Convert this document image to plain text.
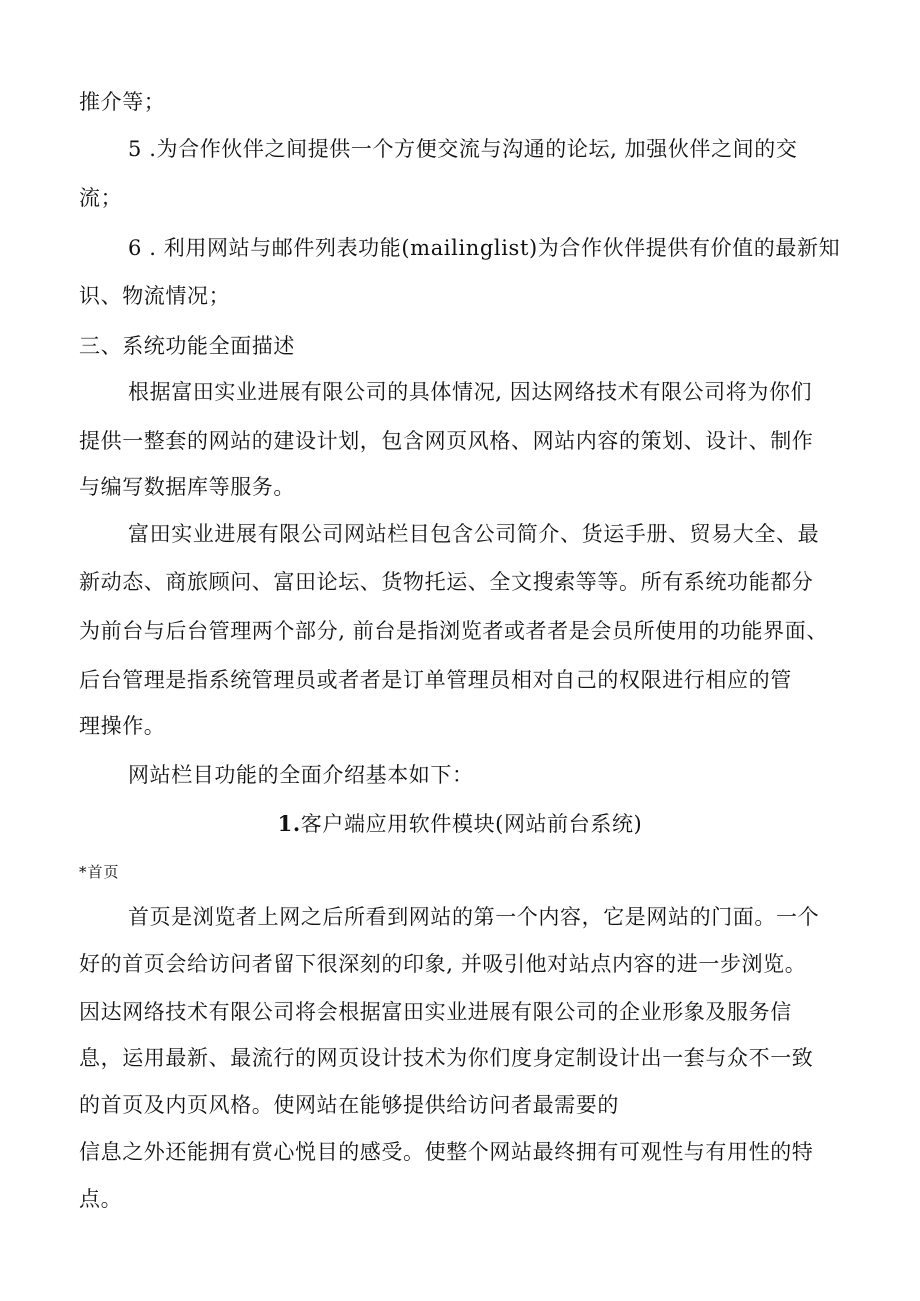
推介等；
5 .为合作伙伴之间提供一个方便交流与沟通的论坛, 加强伙伴之间的交
流；
6 . 利用网站与邮件列表功能(mailinglist)为合作伙伴提供有价值的最新知
识、物流情况；
三、系统功能全面描述
根据富田实业进展有限公司的具体情况, 因达网络技术有限公司将为你们
提供一整套的网站的建设计划，包含网页风格、网站内容的策划、设计、制作
与编写数据库等服务。
富田实业进展有限公司网站栏目包含公司简介、货运手册、贸易大全、最
新动态、商旅顾问、富田论坛、货物托运、全文搜索等等。所有系统功能都分
为前台与后台管理两个部分, 前台是指浏览者或者者是会员所使用的功能界面、
后台管理是指系统管理员或者者是订单管理员相对自己的权限进行相应的管
理操作。
网站栏目功能的全面介绍基本如下：
1.客户端应用软件模块(网站前台系统)
*首页
首页是浏览者上网之后所看到网站的第一个内容，它是网站的门面。一个
好的首页会给访问者留下很深刻的印象, 并吸引他对站点内容的进一步浏览。
因达网络技术有限公司将会根据富田实业进展有限公司的企业形象及服务信
息，运用最新、最流行的网页设计技术为你们度身定制设计出一套与众不一致
的首页及内页风格。使网站在能够提供给访问者最需要的
信息之外还能拥有赏心悦目的感受。使整个网站最终拥有可观性与有用性的特
点。
